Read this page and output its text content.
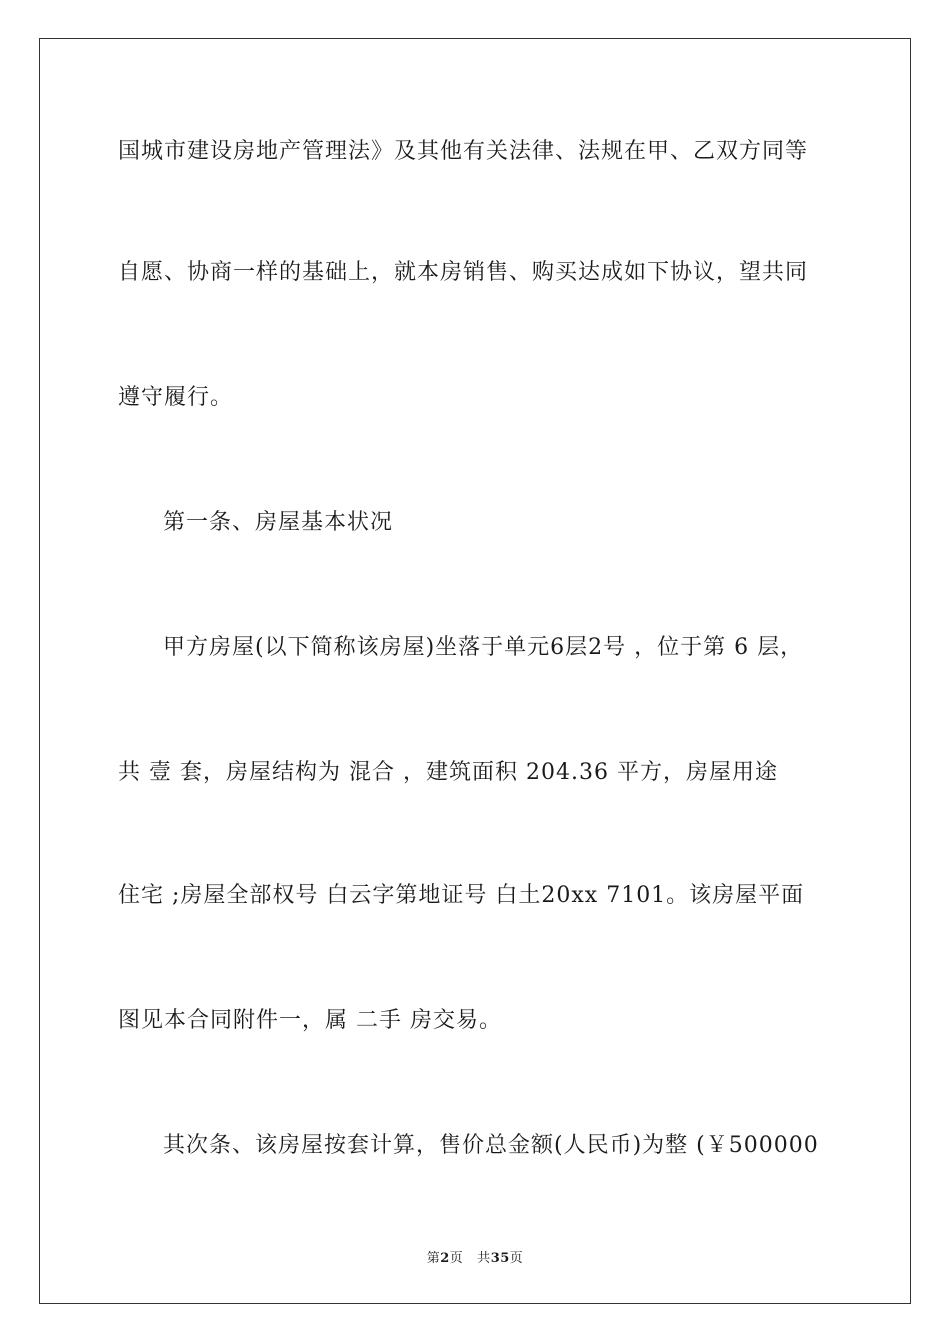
国城市建设房地产管理法》及其他有关法律、法规在甲、乙双方同等
自愿、协商一样的基础上，就本房销售、购买达成如下协议，望共同
遵守履行。
第一条、房屋基本状况
甲方房屋(以下简称该房屋)坐落于单元6层2号 ，位于第 6 层，
共 壹 套，房屋结构为 混合 ，建筑面积 204.36 平方，房屋用途
住宅 ;房屋全部权号 白云字第地证号 白土20xx 7101。该房屋平面
图见本合同附件一，属 二手 房交易。
其次条、该房屋按套计算，售价总金额(人民币)为整 (￥500000
第2页 共35页
